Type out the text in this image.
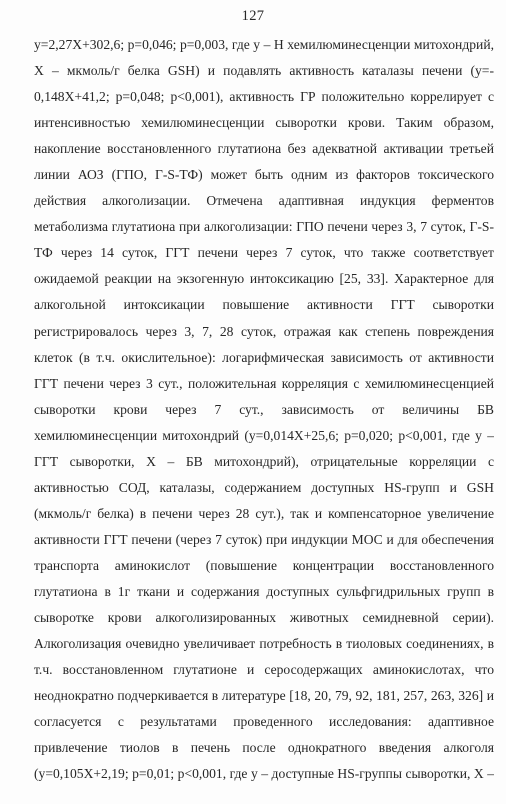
127
у=2,27Х+302,6; р=0,046; р=0,003, где у – Н хемилюминесценции митохондрий,
Х – мкмоль/г белка GSH) и подавлять активность каталазы печени (у=-
0,148Х+41,2; р=0,048; р<0,001), активность ГР положительно коррелирует с
интенсивностью хемилюминесценции сыворотки крови. Таким образом,
накопление восстановленного глутатиона без адекватной активации третьей
линии АОЗ (ГПО, Г-S-ТФ) может быть одним из факторов токсического
действия алкоголизации. Отмечена адаптивная индукция ферментов
метаболизма глутатиона при алкоголизации: ГПО печени через 3, 7 суток, Г-S-
ТФ через 14 суток, ГГТ печени через 7 суток, что также соответствует
ожидаемой реакции на экзогенную интоксикацию [25, 33]. Характерное для
алкогольной интоксикации повышение активности ГГТ сыворотки
регистрировалось через 3, 7, 28 суток, отражая как степень повреждения
клеток (в т.ч. окислительное): логарифмическая зависимость от активности
ГГТ печени через 3 сут., положительная корреляция с хемилюминесценцией
сыворотки крови через 7 сут., зависимость от величины БВ
хемилюминесценции митохондрий (у=0,014Х+25,6; р=0,020; р<0,001, где у –
ГГТ сыворотки, Х – БВ митохондрий), отрицательные корреляции с
активностью СОД, каталазы, содержанием доступных HS-групп и GSH
(мкмоль/г белка) в печени через 28 сут.), так и компенсаторное увеличение
активности ГГТ печени (через 7 суток) при индукции МОС и для обеспечения
транспорта аминокислот (повышение концентрации восстановленного
глутатиона в 1г ткани и содержания доступных сульфгидрильных групп в
сыворотке крови алкоголизированных животных семидневной серии).
Алкоголизация очевидно увеличивает потребность в тиоловых соединениях, в
т.ч. восстановленном глутатионе и серосодержащих аминокислотах, что
неоднократно подчеркивается в литературе [18, 20, 79, 92, 181, 257, 263, 326] и
согласуется с результатами проведенного исследования: адаптивное
привлечение тиолов в печень после однократного введения алкоголя
(у=0,105Х+2,19; р=0,01; р<0,001, где у – доступные HS-группы сыворотки, Х –
